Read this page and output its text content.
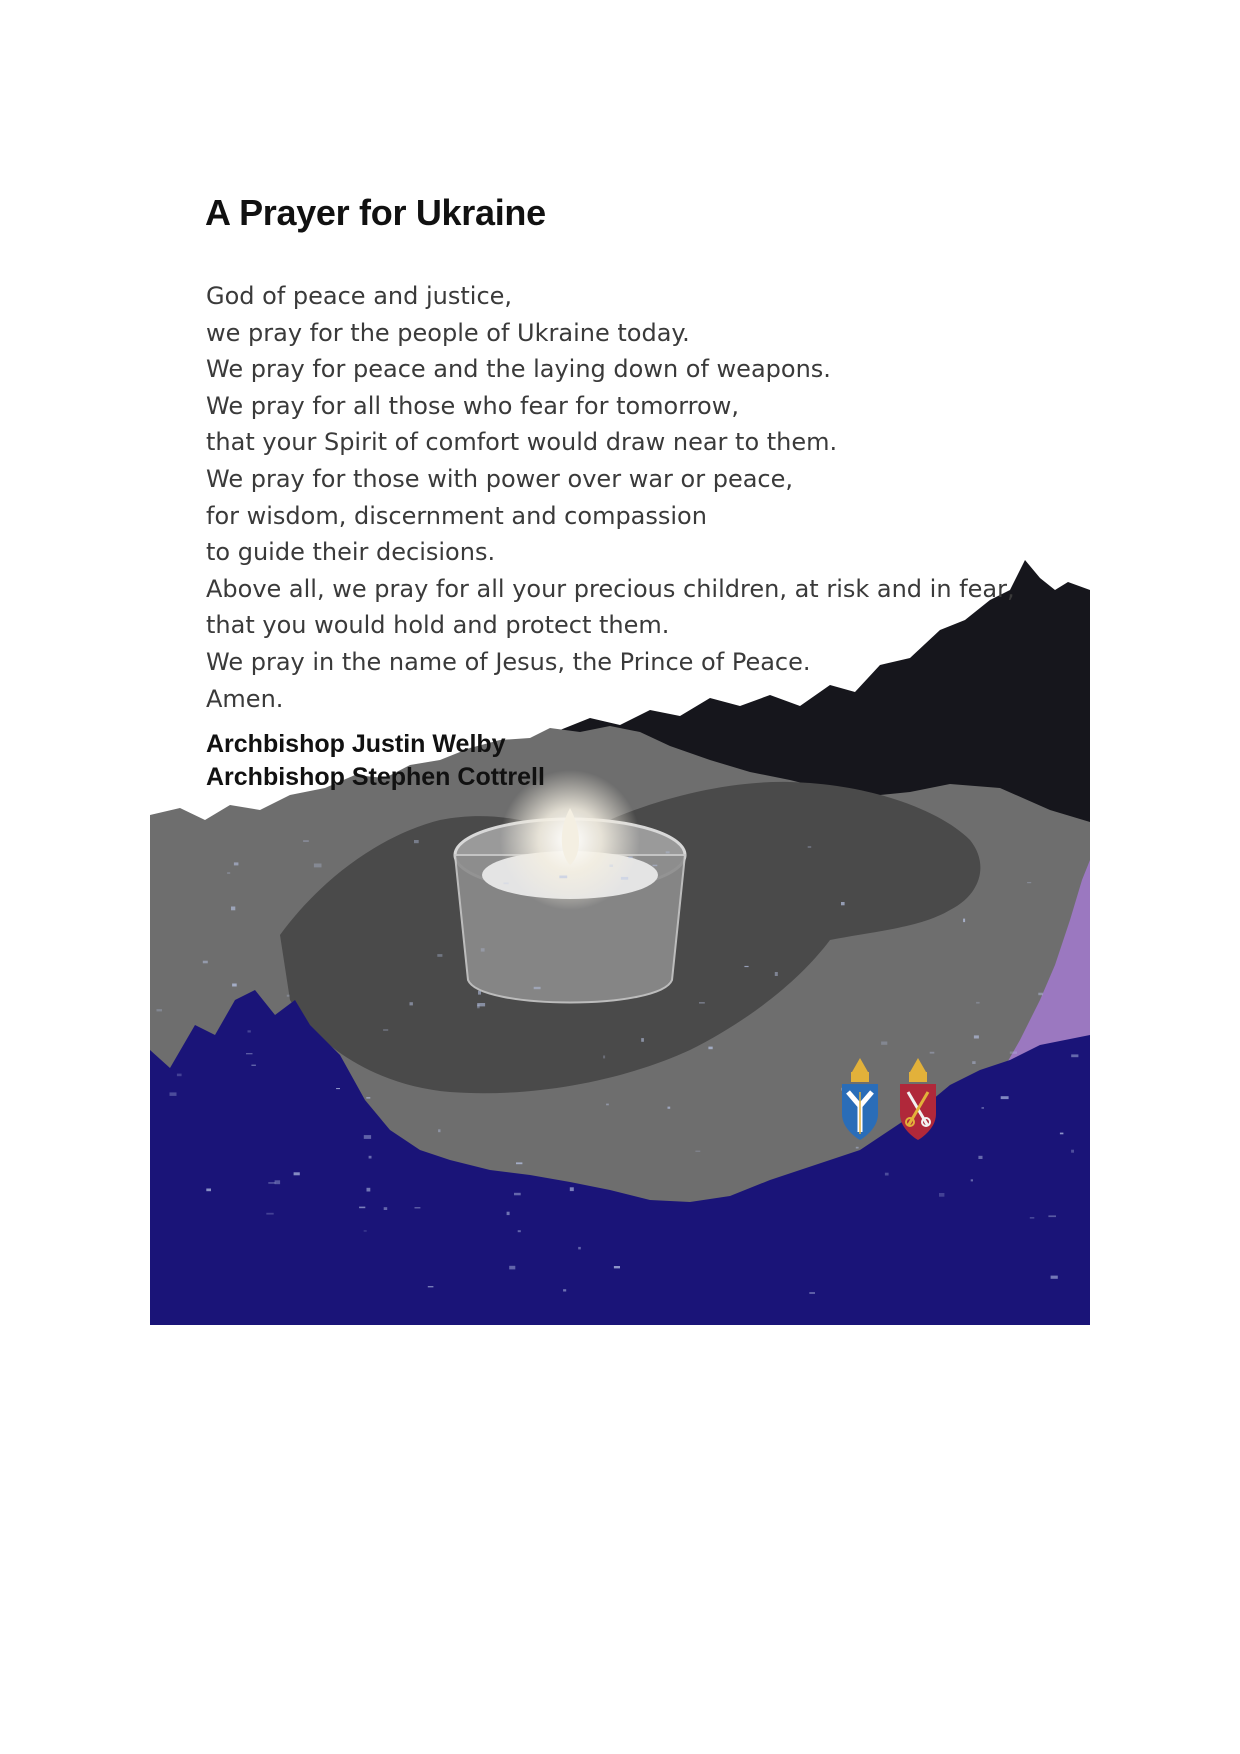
A Prayer for Ukraine
God of peace and justice,
we pray for the people of Ukraine today.
We pray for peace and the laying down of weapons.
We pray for all those who fear for tomorrow,
that your Spirit of comfort would draw near to them.
We pray for those with power over war or peace,
for wisdom, discernment and compassion
to guide their decisions.
Above all, we pray for all your precious children, at risk and in fear,
that you would hold and protect them.
We pray in the name of Jesus, the Prince of Peace.
Amen.
Archbishop Justin Welby
Archbishop Stephen Cottrell
